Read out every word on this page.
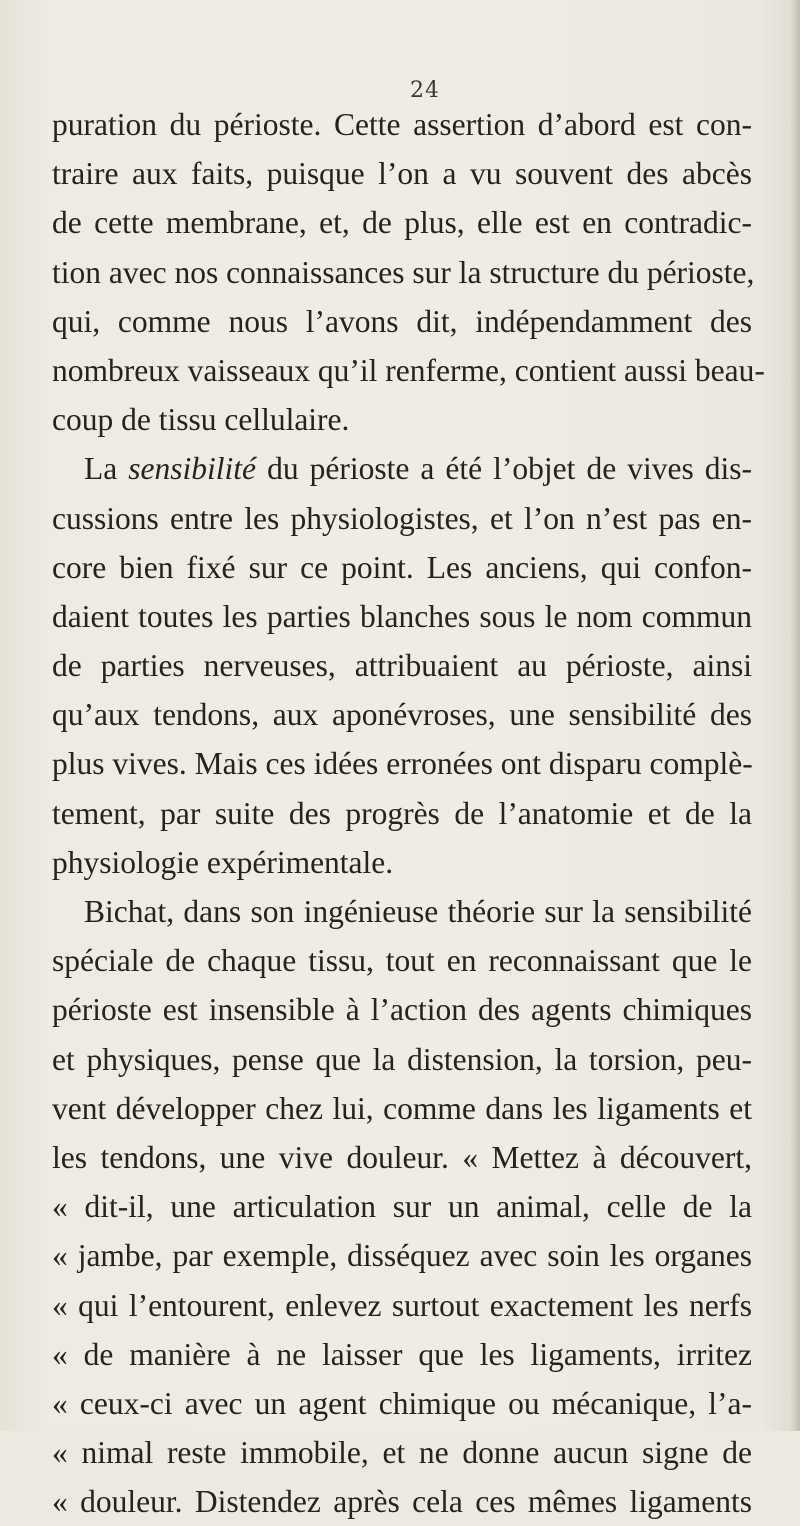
24
puration du périoste. Cette assertion d’abord est con-
traire aux faits, puisque l’on a vu souvent des abcès
de cette membrane, et, de plus, elle est en contradic-
tion avec nos connaissances sur la structure du périoste,
qui, comme nous l’avons dit, indépendamment des
nombreux vaisseaux qu’il renferme, contient aussi beau-
coup de tissu cellulaire.
La sensibilité du périoste a été l’objet de vives dis-
cussions entre les physiologistes, et l’on n’est pas en-
core bien fixé sur ce point. Les anciens, qui confon-
daient toutes les parties blanches sous le nom commun
de parties nerveuses, attribuaient au périoste, ainsi
qu’aux tendons, aux aponévroses, une sensibilité des
plus vives. Mais ces idées erronées ont disparu complè-
tement, par suite des progrès de l’anatomie et de la
physiologie expérimentale.
Bichat, dans son ingénieuse théorie sur la sensibilité
spéciale de chaque tissu, tout en reconnaissant que le
périoste est insensible à l’action des agents chimiques
et physiques, pense que la distension, la torsion, peu-
vent développer chez lui, comme dans les ligaments et
les tendons, une vive douleur. « Mettez à découvert,
« dit-il, une articulation sur un animal, celle de la
« jambe, par exemple, disséquez avec soin les organes
« qui l’entourent, enlevez surtout exactement les nerfs
« de manière à ne laisser que les ligaments, irritez
« ceux-ci avec un agent chimique ou mécanique, l’a-
« nimal reste immobile, et ne donne aucun signe de
« douleur. Distendez après cela ces mêmes ligaments
